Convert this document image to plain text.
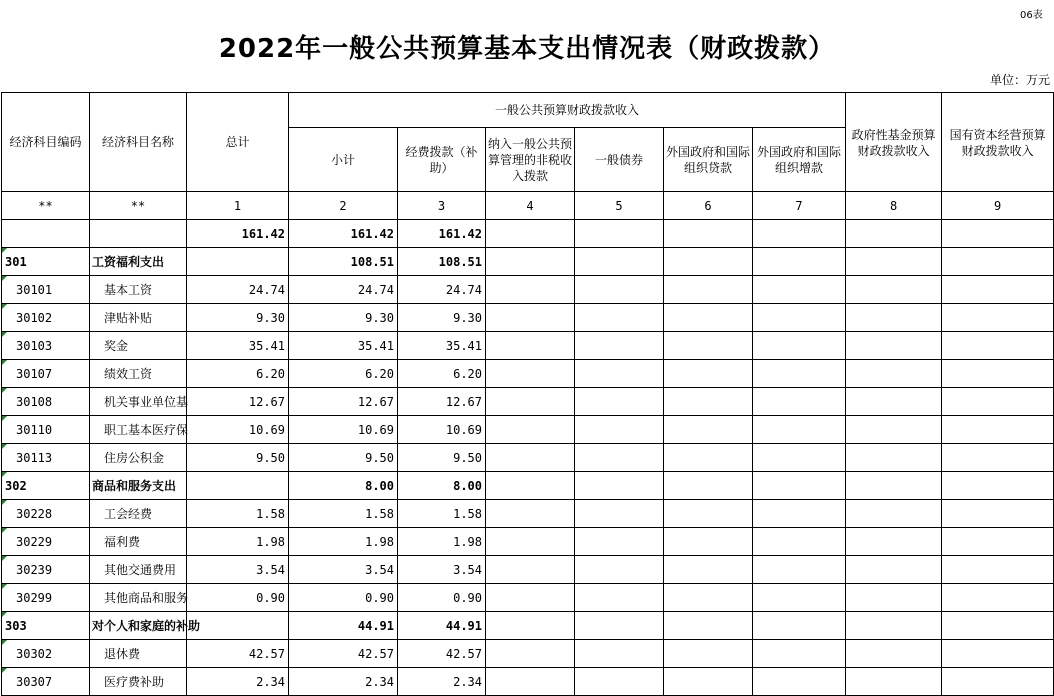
06表
2022年一般公共预算基本支出情况表（财政拨款）
单位：万元
经济科目编码	经济科目名称	总计	一般公共预算财政拨款收入						政府性基金预算财政拨款收入	国有资本经营预算财政拨款收入
			小计	经费拨款（补助）	纳入一般公共预算管理的非税收入拨款	一般债券	外国政府和国际组织贷款	外国政府和国际组织增款		
**	**	1	2	3	4	5	6	7	8	9
		161.42	161.42	161.42						

301	工资福利支出		108.51	108.51						

30101	基本工资	24.74	24.74	24.74						

30102	津贴补贴	9.30	9.30	9.30						

30103	奖金	35.41	35.41	35.41						

30107	绩效工资	6.20	6.20	6.20						

30108	机关事业单位基	12.67	12.67	12.67						

30110	职工基本医疗保	10.69	10.69	10.69						

30113	住房公积金	9.50	9.50	9.50						

302	商品和服务支出		8.00	8.00						

30228	工会经费	1.58	1.58	1.58						

30229	福利费	1.98	1.98	1.98						

30239	其他交通费用	3.54	3.54	3.54						

30299	其他商品和服务	0.90	0.90	0.90						

303	对个人和家庭的补助		44.91	44.91						

30302	退休费	42.57	42.57	42.57						

30307	医疗费补助	2.34	2.34	2.34						
